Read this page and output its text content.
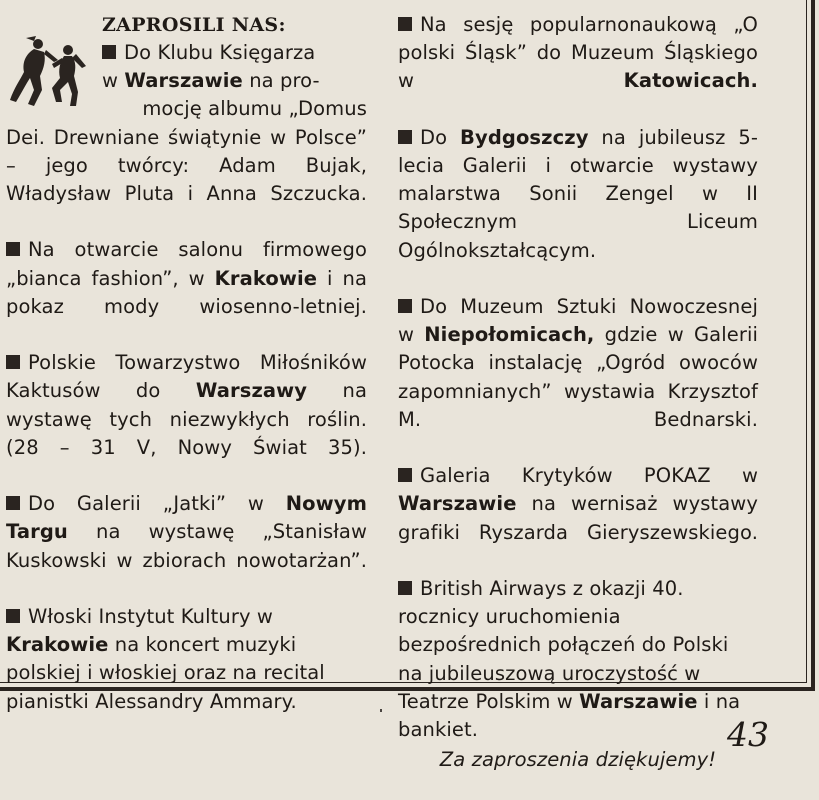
ZAPROSILI NAS:
Do Klubu Księgarza
w Warszawie na pro-
mocję albumu „Domus

Dei. Drewniane świątynie w Polsce” – jego twórcy: Adam Bujak, Władysław Pluta i Anna Szczucka.

Na otwarcie salonu firmowego „bianca fashion”, w Krakowie i na pokaz mody wiosenno-letniej.

Polskie Towarzystwo Miłośników Kaktusów do Warszawy na wystawę tych niezwykłych roślin. (28 – 31 V, Nowy Świat 35).

Do Galerii „Jatki” w Nowym Targu na wystawę „Stanisław Kuskowski w zbiorach nowotarżan”.

Włoski Instytut Kultury w Krakowie na koncert muzyki polskiej i włoskiej oraz na recital pianistki Alessandry Ammary.

Na sesję popularnonaukową „O polski Śląsk” do Muzeum Śląskiego w Katowicach.

Do Bydgoszczy na jubileusz 5-lecia Galerii i otwarcie wystawy malarstwa Sonii Zengel w II Społecznym Liceum Ogólnokształcącym.

Do Muzeum Sztuki Nowoczesnej w Niepołomicach, gdzie w Galerii Potocka instalację „Ogród owoców zapomnianych” wystawia Krzysztof M. Bednarski.

Galeria Krytyków POKAZ w Warszawie na wernisaż wystawy grafiki Ryszarda Gieryszewskiego.

British Airways z okazji 40. rocznicy uruchomienia bezpośrednich połączeń do Polski na jubileuszową uroczystość w Teatrze Polskim w Warszawie i na bankiet.

Za zaproszenia dziękujemy!
43
